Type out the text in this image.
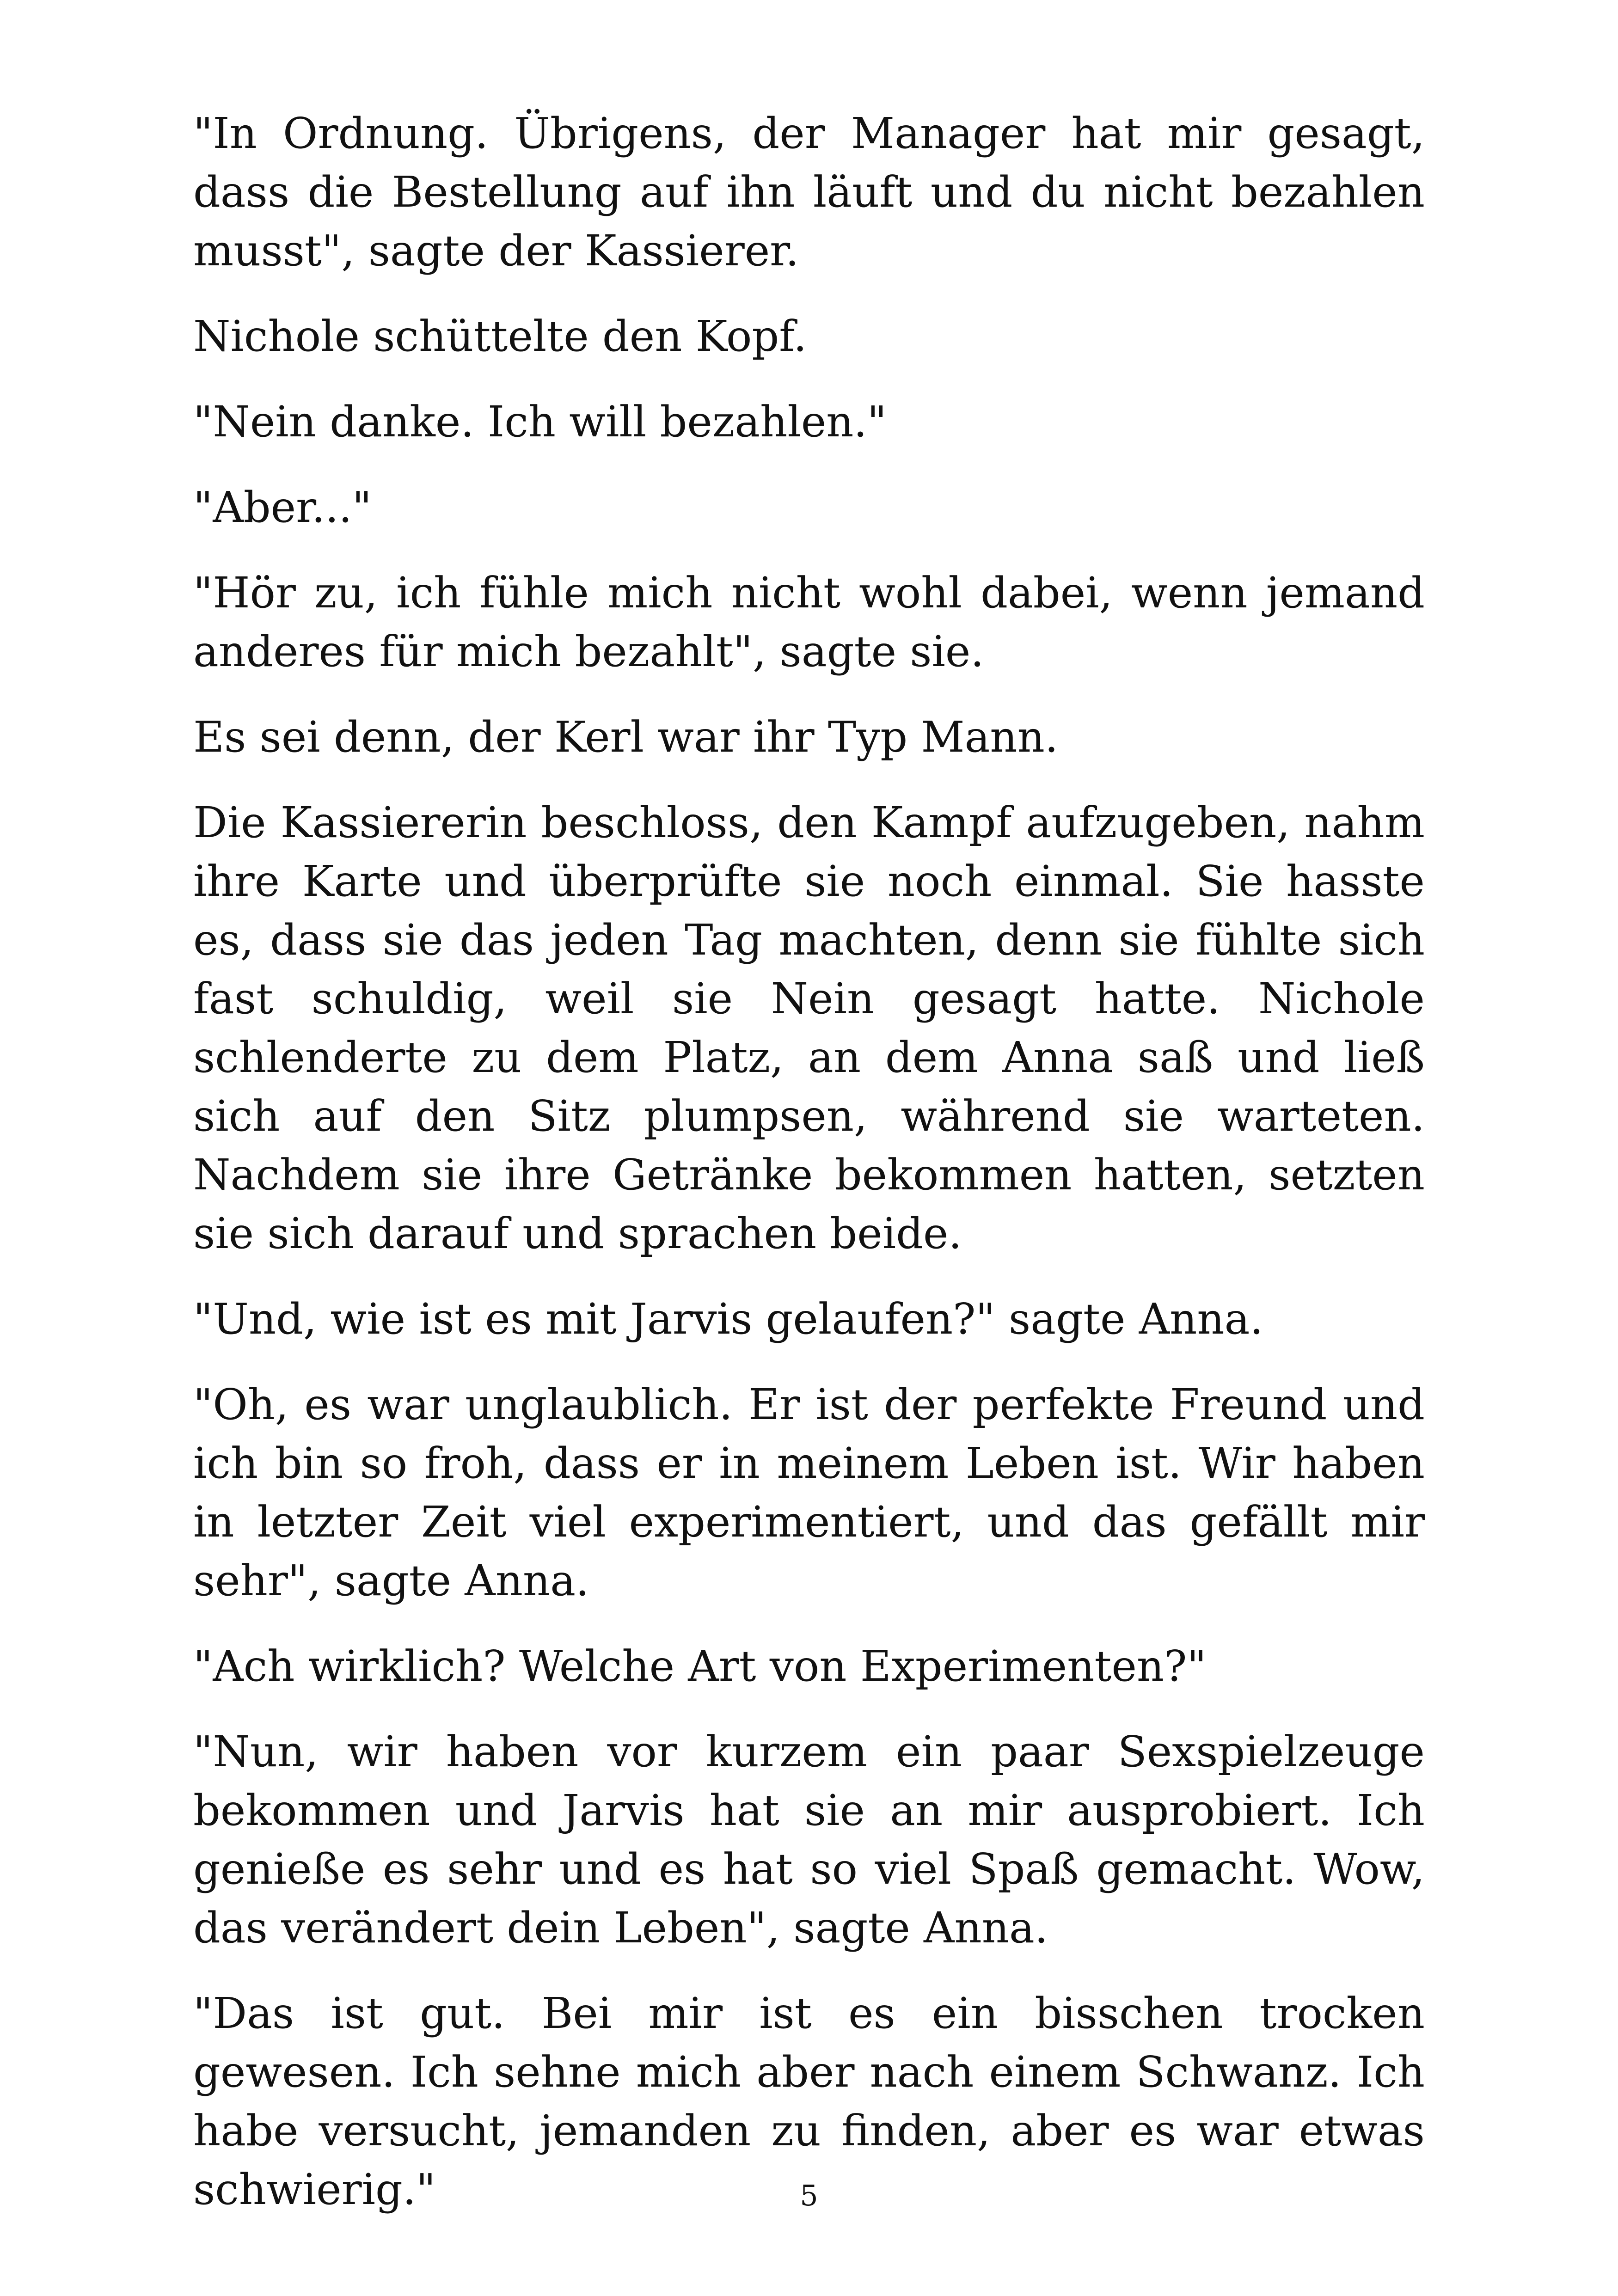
"In Ordnung. Übrigens, der Manager hat mir gesagt, dass die Bestellung auf ihn läuft und du nicht bezahlen musst", sagte der Kassierer.

Nichole schüttelte den Kopf.

"Nein danke. Ich will bezahlen."

"Aber..."

"Hör zu, ich fühle mich nicht wohl dabei, wenn jemand anderes für mich bezahlt", sagte sie.

Es sei denn, der Kerl war ihr Typ Mann.

Die Kassiererin beschloss, den Kampf aufzugeben, nahm ihre Karte und überprüfte sie noch einmal. Sie hasste es, dass sie das jeden Tag machten, denn sie fühlte sich fast schuldig, weil sie Nein gesagt hatte. Nichole schlenderte zu dem Platz, an dem Anna saß und ließ sich auf den Sitz plumpsen, während sie warteten. Nachdem sie ihre Getränke bekommen hatten, setzten sie sich darauf und sprachen beide.

"Und, wie ist es mit Jarvis gelaufen?" sagte Anna.

"Oh, es war unglaublich. Er ist der perfekte Freund und ich bin so froh, dass er in meinem Leben ist. Wir haben in letzter Zeit viel experimentiert, und das gefällt mir sehr", sagte Anna.

"Ach wirklich? Welche Art von Experimenten?"

"Nun, wir haben vor kurzem ein paar Sexspielzeuge bekommen und Jarvis hat sie an mir ausprobiert. Ich genieße es sehr und es hat so viel Spaß gemacht. Wow, das verändert dein Leben", sagte Anna.

"Das ist gut. Bei mir ist es ein bisschen trocken gewesen. Ich sehne mich aber nach einem Schwanz. Ich habe versucht, jemanden zu finden, aber es war etwas schwierig."	5
